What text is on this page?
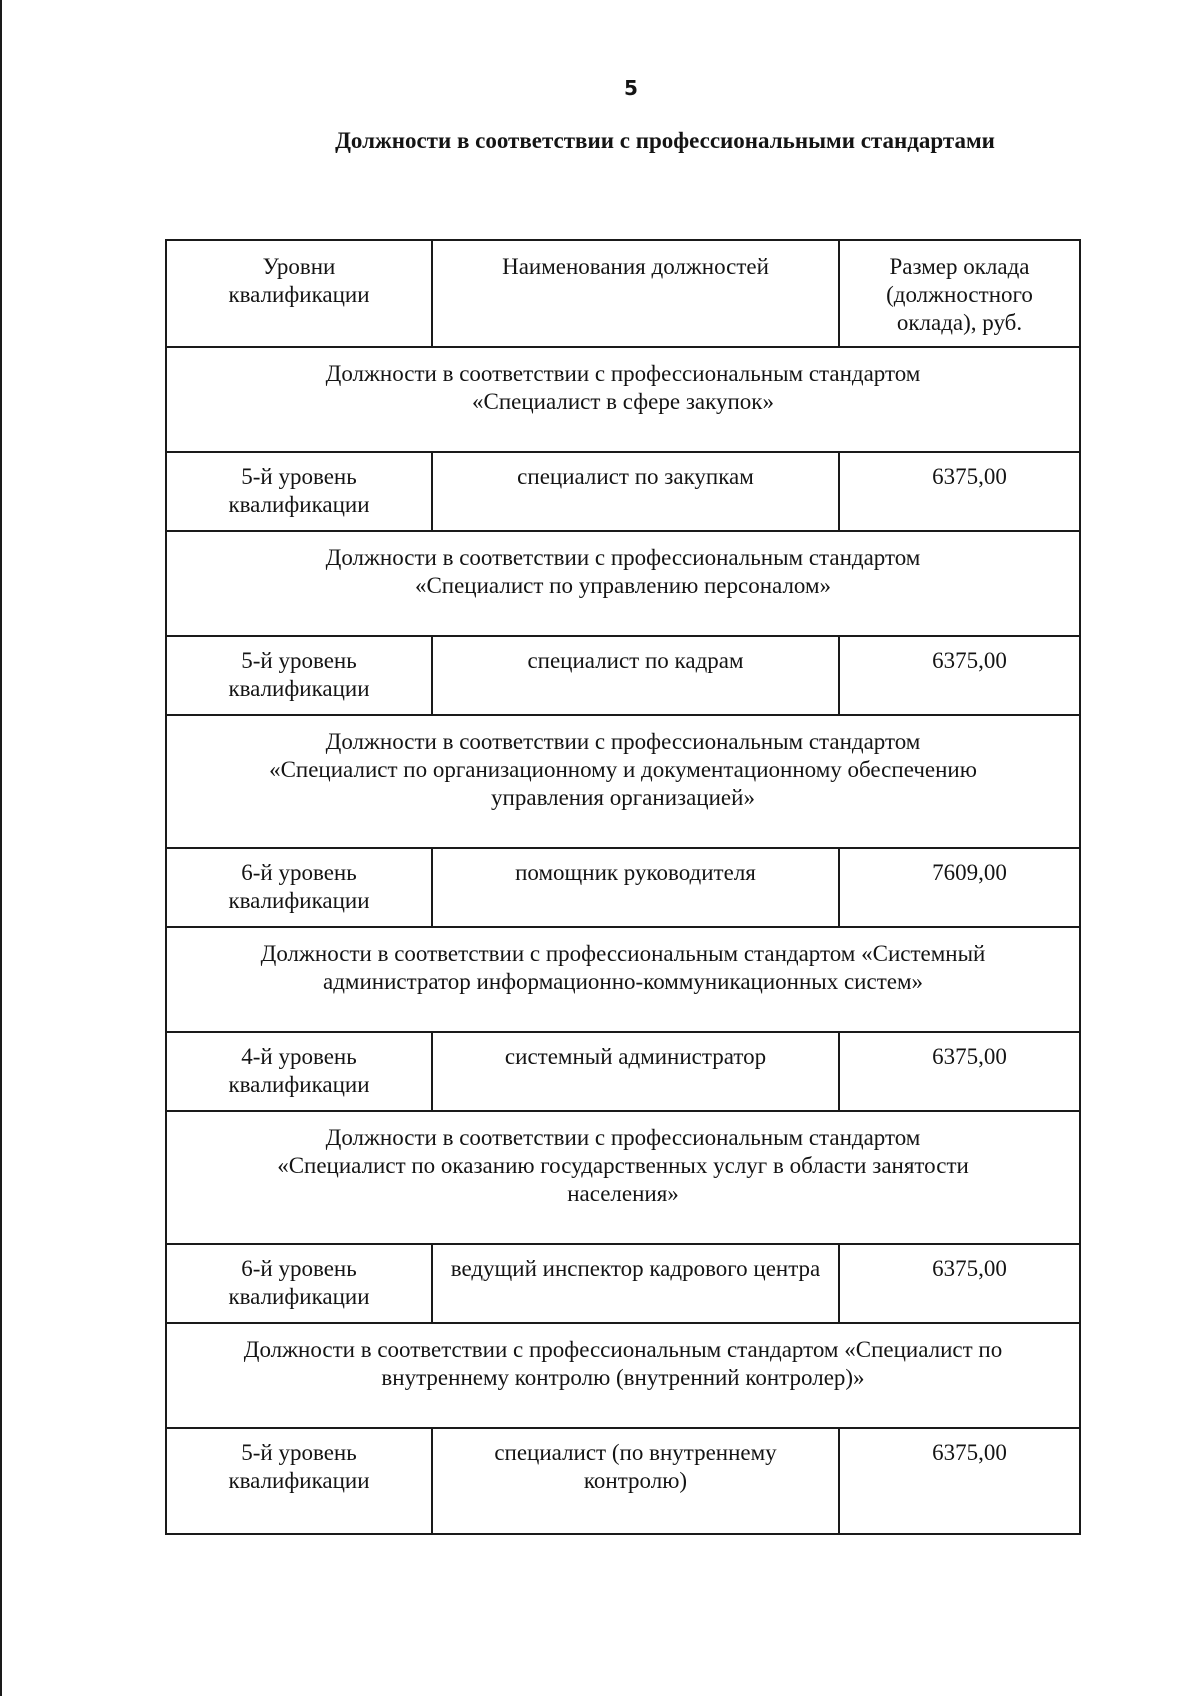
5
Должности в соответствии с профессиональными стандартами
Уровни
квалификации	Наименования должностей	Размер оклада
(должностного
оклада), руб.

Должности в соответствии с профессиональным стандартом
«Специалист в сфере закупок»		

5-й уровень
квалификации	специалист по закупкам	6375,00

Должности в соответствии с профессиональным стандартом
«Специалист по управлению персоналом»		

5-й уровень
квалификации	специалист по кадрам	6375,00

Должности в соответствии с профессиональным стандартом
«Специалист по организационному и документационному обеспечению
управления организацией»		

6-й уровень
квалификации	помощник руководителя	7609,00

Должности в соответствии с профессиональным стандартом «Системный
администратор информационно-коммуникационных систем»		

4-й уровень
квалификации	системный администратор	6375,00

Должности в соответствии с профессиональным стандартом
«Специалист по оказанию государственных услуг в области занятости
населения»		

6-й уровень
квалификации	ведущий инспектор кадрового центра	6375,00

Должности в соответствии с профессиональным стандартом «Специалист по
внутреннему контролю (внутренний контролер)»		

5-й уровень
квалификации	специалист (по внутреннему
контролю)	6375,00
